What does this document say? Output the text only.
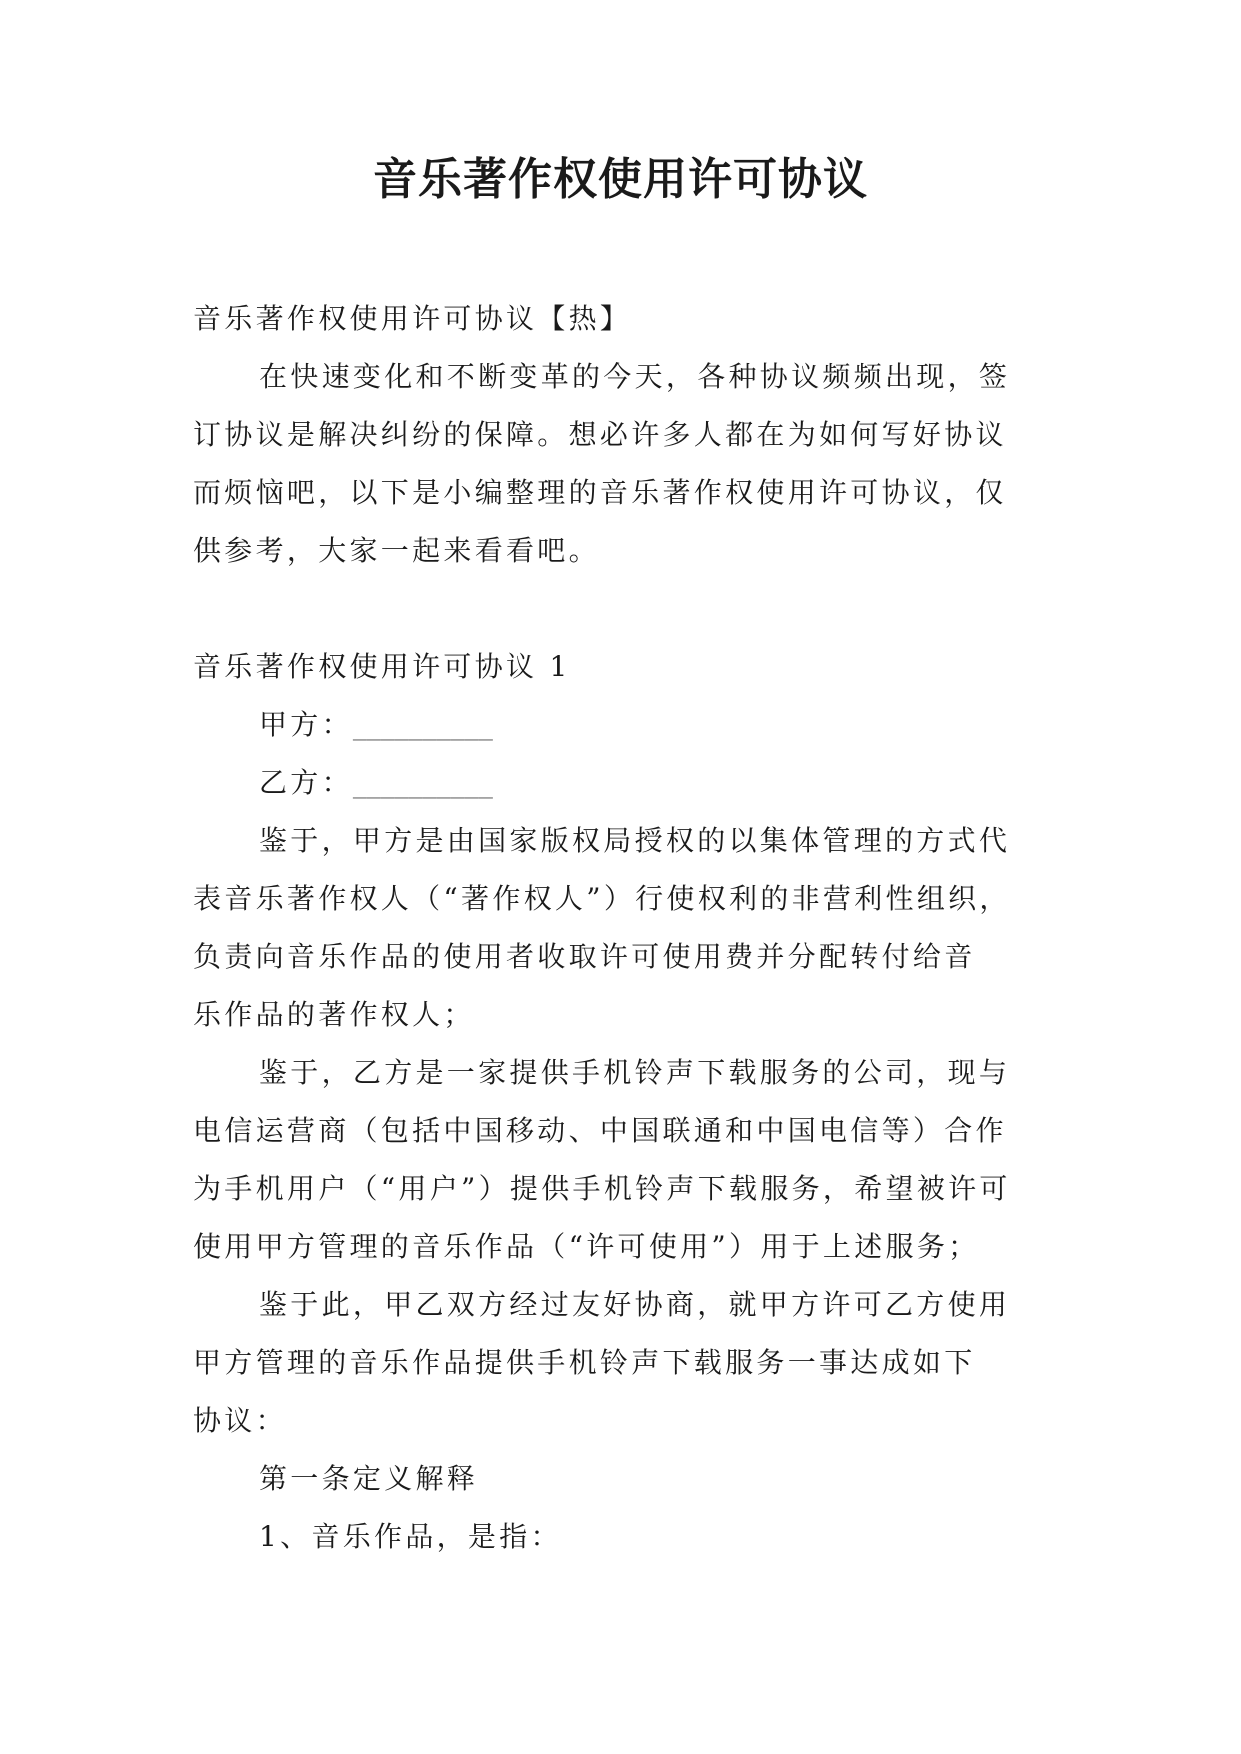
音乐著作权使用许可协议
音乐著作权使用许可协议【热】
在快速变化和不断变革的今天，各种协议频频出现，签
订协议是解决纠纷的保障。想必许多人都在为如何写好协议
而烦恼吧，以下是小编整理的音乐著作权使用许可协议，仅
供参考，大家一起来看看吧。
音乐著作权使用许可协议 1
甲方：__________
乙方：__________
鉴于，甲方是由国家版权局授权的以集体管理的方式代
表音乐著作权人（“著作权人”）行使权利的非营利性组织，
负责向音乐作品的使用者收取许可使用费并分配转付给音
乐作品的著作权人；
鉴于，乙方是一家提供手机铃声下载服务的公司，现与
电信运营商（包括中国移动、中国联通和中国电信等）合作
为手机用户（“用户”）提供手机铃声下载服务，希望被许可
使用甲方管理的音乐作品（“许可使用”）用于上述服务；
鉴于此，甲乙双方经过友好协商，就甲方许可乙方使用
甲方管理的音乐作品提供手机铃声下载服务一事达成如下
协议：
第一条定义解释
1、音乐作品，是指：
